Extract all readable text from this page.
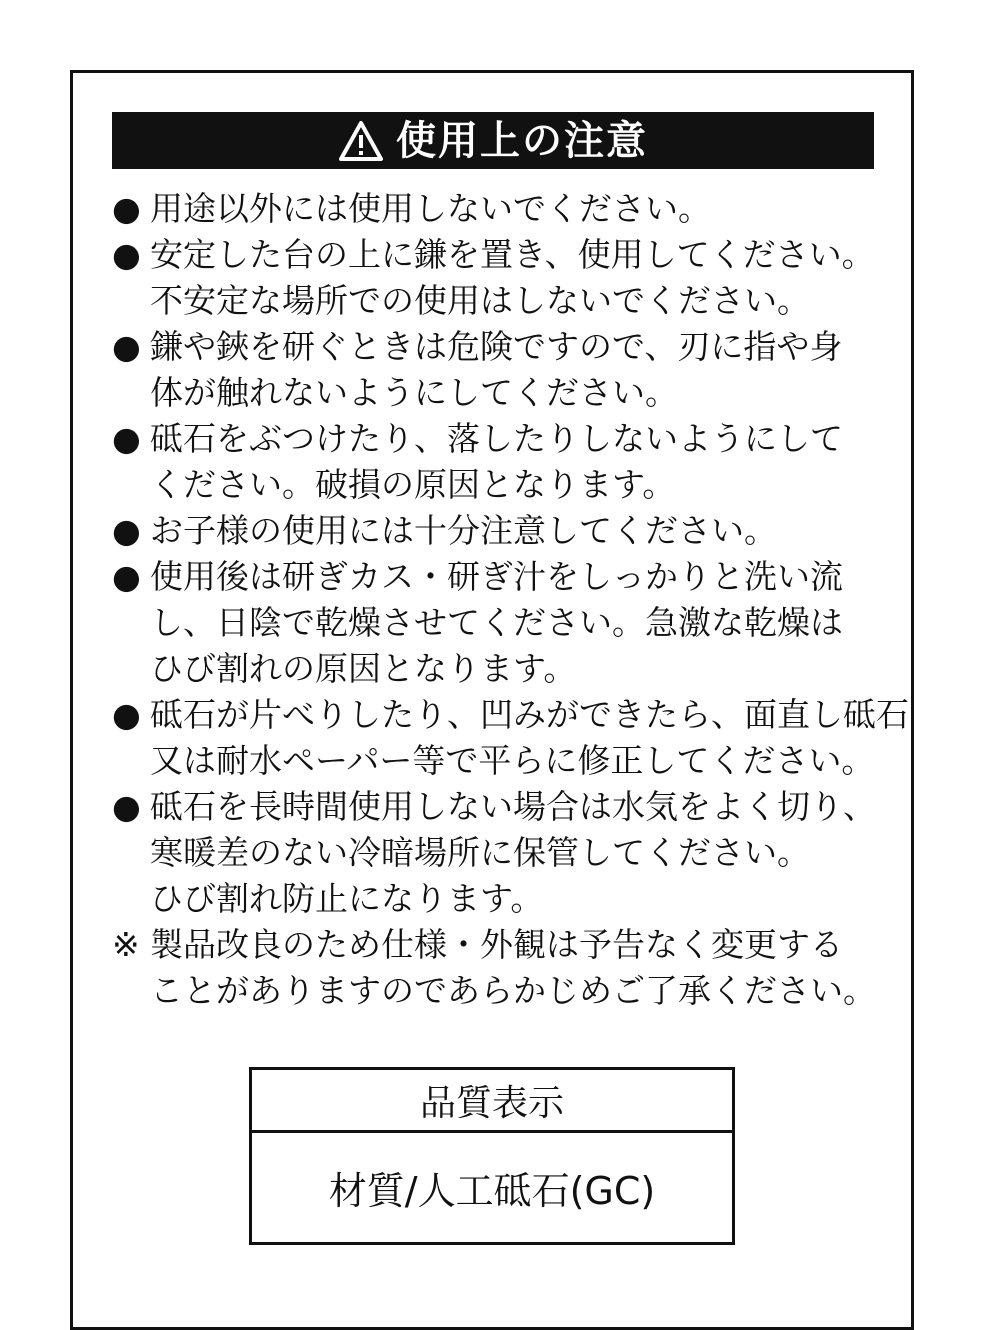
使用上の注意
● 用途以外には使用しないでください。
● 安定した台の上に鎌を置き、使用してください。
不安定な場所での使用はしないでください。
● 鎌や鋏を研ぐときは危険ですので、刃に指や身
体が触れないようにしてください。
● 砥石をぶつけたり、落したりしないようにして
ください。破損の原因となります。
● お子様の使用には十分注意してください。
● 使用後は研ぎカス・研ぎ汁をしっかりと洗い流
し、日陰で乾燥させてください。急激な乾燥は
ひび割れの原因となります。
● 砥石が片べりしたり、凹みができたら、面直し砥石
又は耐水ペーパー等で平らに修正してください。
● 砥石を長時間使用しない場合は水気をよく切り、
寒暖差のない冷暗場所に保管してください。
ひび割れ防止になります。
※ 製品改良のため仕様・外観は予告なく変更する
ことがありますのであらかじめご了承ください。
品質表示
材質/人工砥石(GC)
